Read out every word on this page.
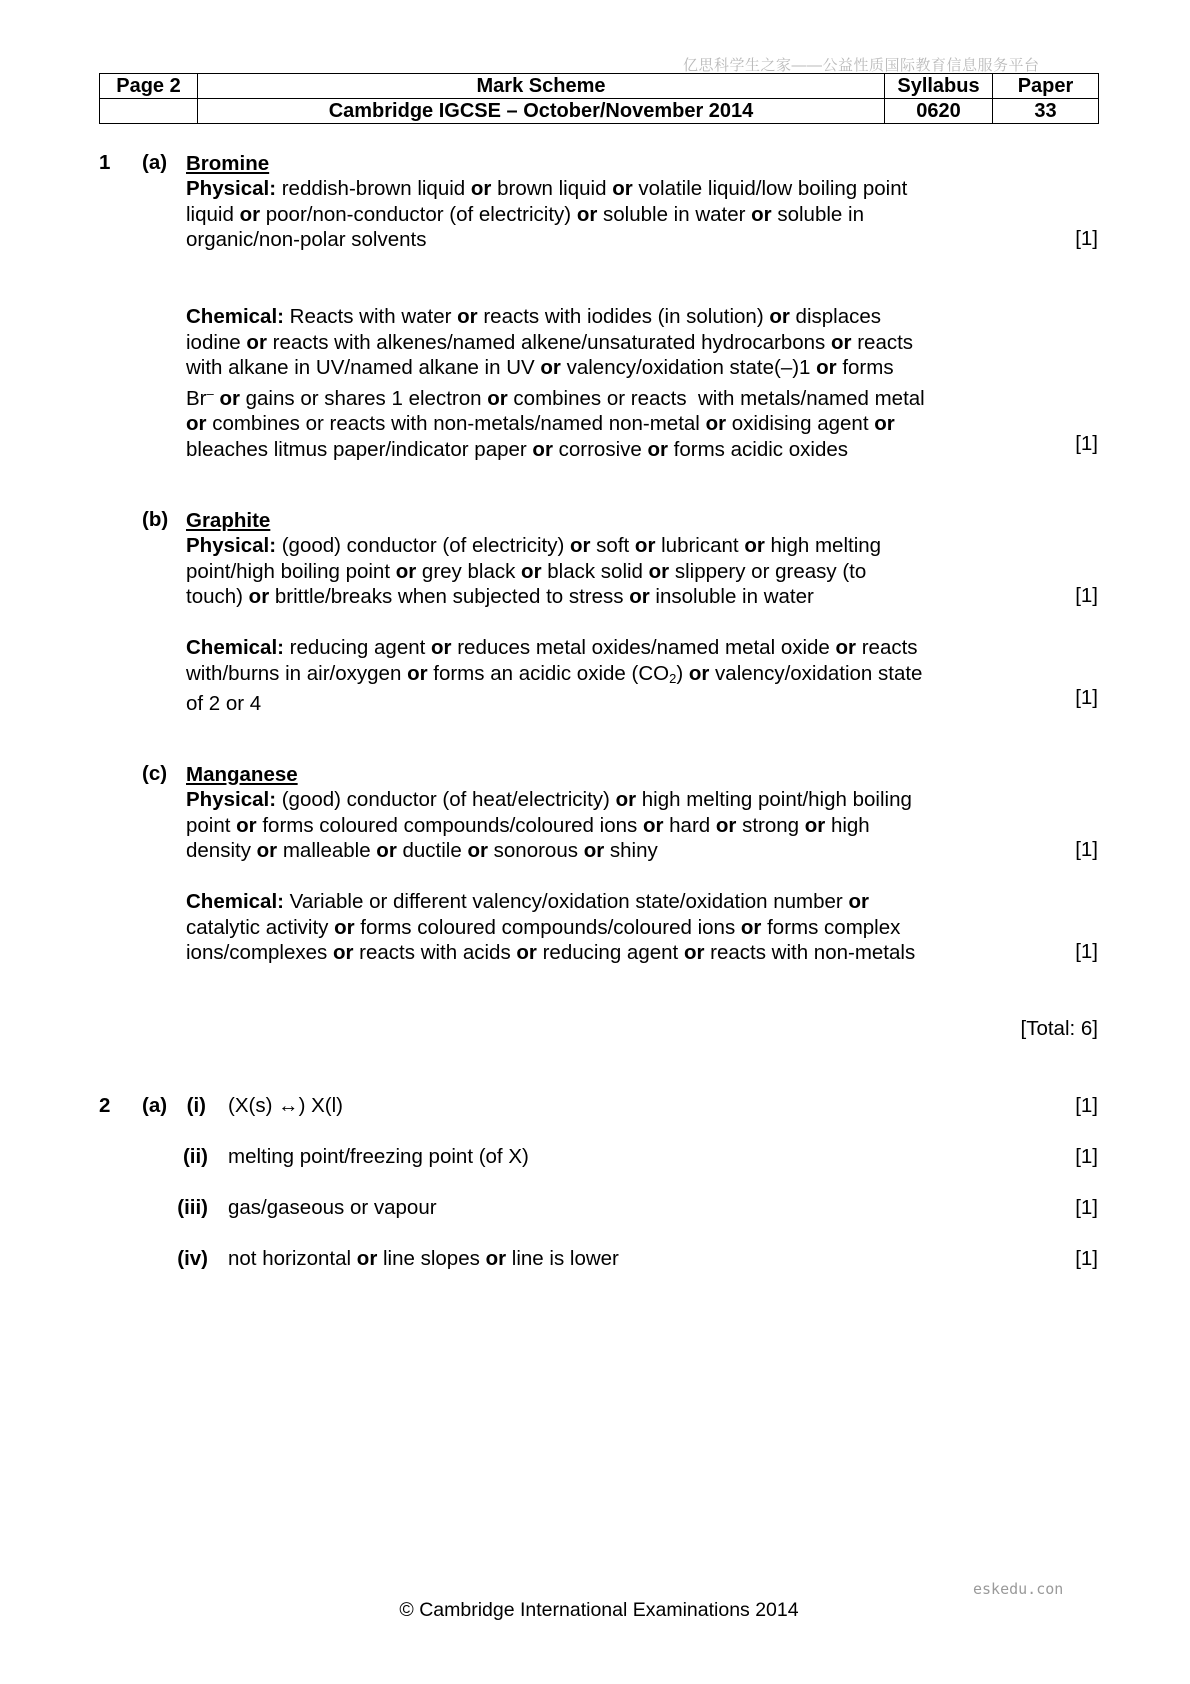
亿思科学生之家——公益性质国际教育信息服务平台
Page 2	Mark Scheme	Syllabus	Paper
	Cambridge IGCSE – October/November 2014	0620	33
1 (a) Bromine
Physical: reddish-brown liquid or brown liquid or volatile liquid/low boiling point
liquid or poor/non-conductor (of electricity) or soluble in water or soluble in
organic/non-polar solvents	[1]
Chemical: Reacts with water or reacts with iodides (in solution) or displaces
iodine or reacts with alkenes/named alkene/unsaturated hydrocarbons or reacts
with alkane in UV/named alkane in UV or valency/oxidation state(–)1 or forms
Br– or gains or shares 1 electron or combines or reacts  with metals/named metal
or combines or reacts with non-metals/named non-metal or oxidising agent or
bleaches litmus paper/indicator paper or corrosive or forms acidic oxides	[1]
(b) Graphite
Physical: (good) conductor (of electricity) or soft or lubricant or high melting
point/high boiling point or grey black or black solid or slippery or greasy (to
touch) or brittle/breaks when subjected to stress or insoluble in water	[1]
Chemical: reducing agent or reduces metal oxides/named metal oxide or reacts
with/burns in air/oxygen or forms an acidic oxide $(CO_2)$ or valency/oxidation state
of 2 or 4	[1]
(c) Manganese
Physical: (good) conductor (of heat/electricity) or high melting point/high boiling
point or forms coloured compounds/coloured ions or hard or strong or high
density or malleable or ductile or sonorous or shiny	[1]
Chemical: Variable or different valency/oxidation state/oxidation number or
catalytic activity or forms coloured compounds/coloured ions or forms complex
ions/complexes or reacts with acids or reducing agent or reacts with non-metals	[1]
[Total: 6]
2 (a) (i) (X(s) ↔) X(l)	[1]
(ii) melting point/freezing point (of X)	[1]
(iii) gas/gaseous or vapour	[1]
(iv) not horizontal or line slopes or line is lower	[1]
eskedu.con
© Cambridge International Examinations 2014
